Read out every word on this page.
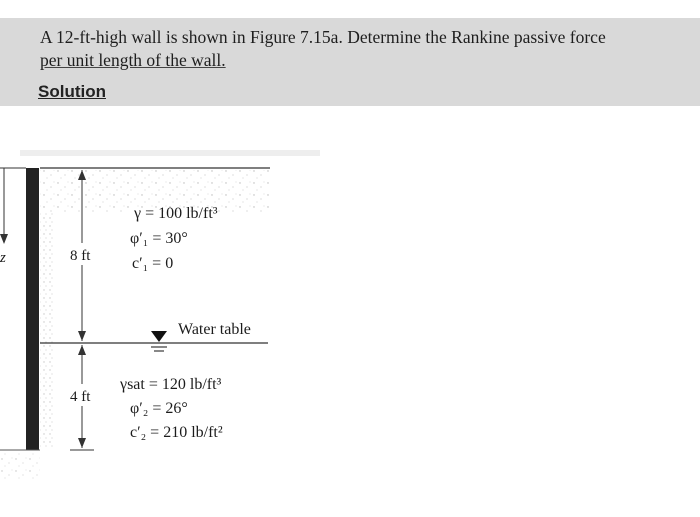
A 12-ft-high wall is shown in Figure 7.15a. Determine the Rankine passive force
per unit length of the wall.
Solution
z	8 ft
4 ft
γ = 100 lb/ft³
φ′₁ = 30°
c′₁ = 0
Water table
γsat = 120 lb/ft³
φ′₂ = 26°
c′₂ = 210 lb/ft²
